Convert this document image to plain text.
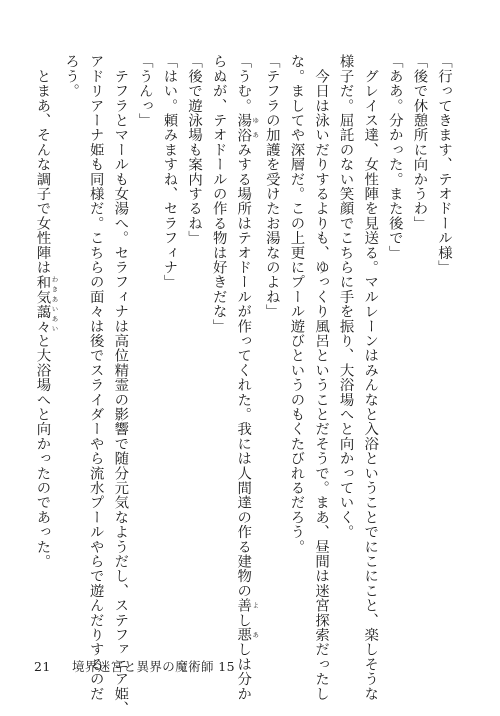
「行ってきます、テオドール様」

「後で休憩所に向かうわ」

「ああ。分かった。また後で」

　グレイス達、女性陣を見送る。マルレーンはみんなと入浴ということでにこにこと、楽しそうな

様子だ。屈託のない笑顔でこちらに手を振り、大浴場へと向かっていく。

　今日は泳いだりするよりも、ゆっくり風呂ということだそうで。まあ、昼間は迷宮探索だったし

な。ましてや深層だ。この上更にプール遊びというのもくたびれるだろう。

「テフラの加護を受けたお湯なのよね」

「うむ。湯浴 ゆあみする場所はテオドールが作ってくれた。我には人間達の作る建物の善 よし悪 あしは分か

らぬが、テオドールの作る物は好きだな」

「後で遊泳場も案内するね」

「はい。頼みますね、セラフィナ」

「うんっ」

　テフラとマールも女湯へ。セラフィナは高位精霊の影響で随分元気なようだし、ステファニア姫、

アドリアーナ姫も同様だ。こちらの面々は後でスライダーやら流水プールやらで遊んだりするのだ

ろう。

　とまあ、そんな調子で女性陣は和気藹々 わきあいあいと大浴場へと向かったのであった。

21 境界迷宮と異界の魔術師 15
